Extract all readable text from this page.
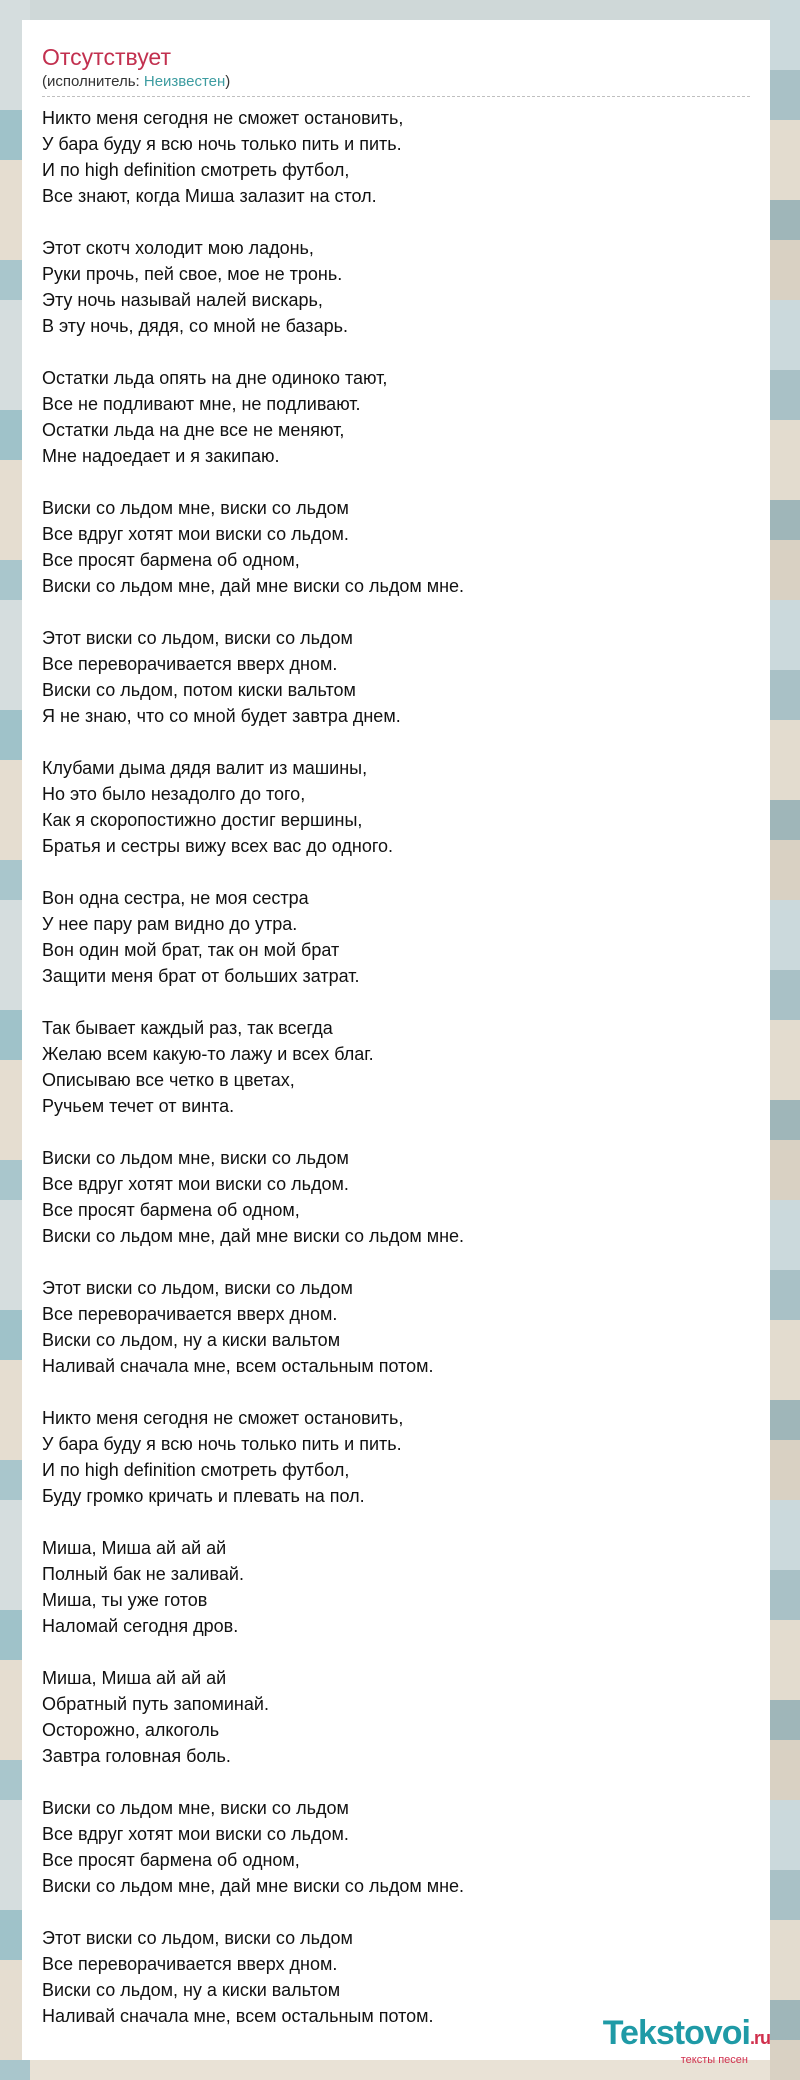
Отсутствует
(исполнитель: Неизвестен)
Никто меня сегодня не сможет остановить,
У бара буду я всю ночь только пить и пить.
И по high definition смотреть футбол,
Все знают, когда Миша залазит на стол.
Этот скотч холодит мою ладонь,
Руки прочь, пей свое, мое не тронь.
Эту ночь называй налей вискарь,
В эту ночь, дядя, со мной не базарь.
Остатки льда опять на дне одиноко тают,
Все не подливают мне, не подливают.
Остатки льда на дне все не меняют,
Мне надоедает и я закипаю.
Виски со льдом мне, виски со льдом
Все вдруг хотят мои виски со льдом.
Все просят бармена об одном,
Виски со льдом мне, дай мне виски со льдом мне.
Этот виски со льдом, виски со льдом
Все переворачивается вверх дном.
Виски со льдом, потом киски вальтом
Я не знаю, что со мной будет завтра днем.
Клубами дыма дядя валит из машины,
Но это было незадолго до того,
Как я скоропостижно достиг вершины,
Братья и сестры вижу всех вас до одного.
Вон одна сестра, не моя сестра
У нее пару рам видно до утра.
Вон один мой брат, так он мой брат
Защити меня брат от больших затрат.
Так бывает каждый раз, так всегда
Желаю всем какую-то лажу и всех благ.
Описываю все четко в цветах,
Ручьем течет от винта.
Виски со льдом мне, виски со льдом
Все вдруг хотят мои виски со льдом.
Все просят бармена об одном,
Виски со льдом мне, дай мне виски со льдом мне.
Этот виски со льдом, виски со льдом
Все переворачивается вверх дном.
Виски со льдом, ну а киски вальтом
Наливай сначала мне, всем остальным потом.
Никто меня сегодня не сможет остановить,
У бара буду я всю ночь только пить и пить.
И по high definition смотреть футбол,
Буду громко кричать и плевать на пол.
Миша, Миша ай ай ай
Полный бак не заливай.
Миша, ты уже готов
Наломай сегодня дров.
Миша, Миша ай ай ай
Обратный путь запоминай.
Осторожно, алкоголь
Завтра головная боль.
Виски со льдом мне, виски со льдом
Все вдруг хотят мои виски со льдом.
Все просят бармена об одном,
Виски со льдом мне, дай мне виски со льдом мне.
Этот виски со льдом, виски со льдом
Все переворачивается вверх дном.
Виски со льдом, ну а киски вальтом
Наливай сначала мне, всем остальным потом.	Tekstovoi.ru
тексты песен
